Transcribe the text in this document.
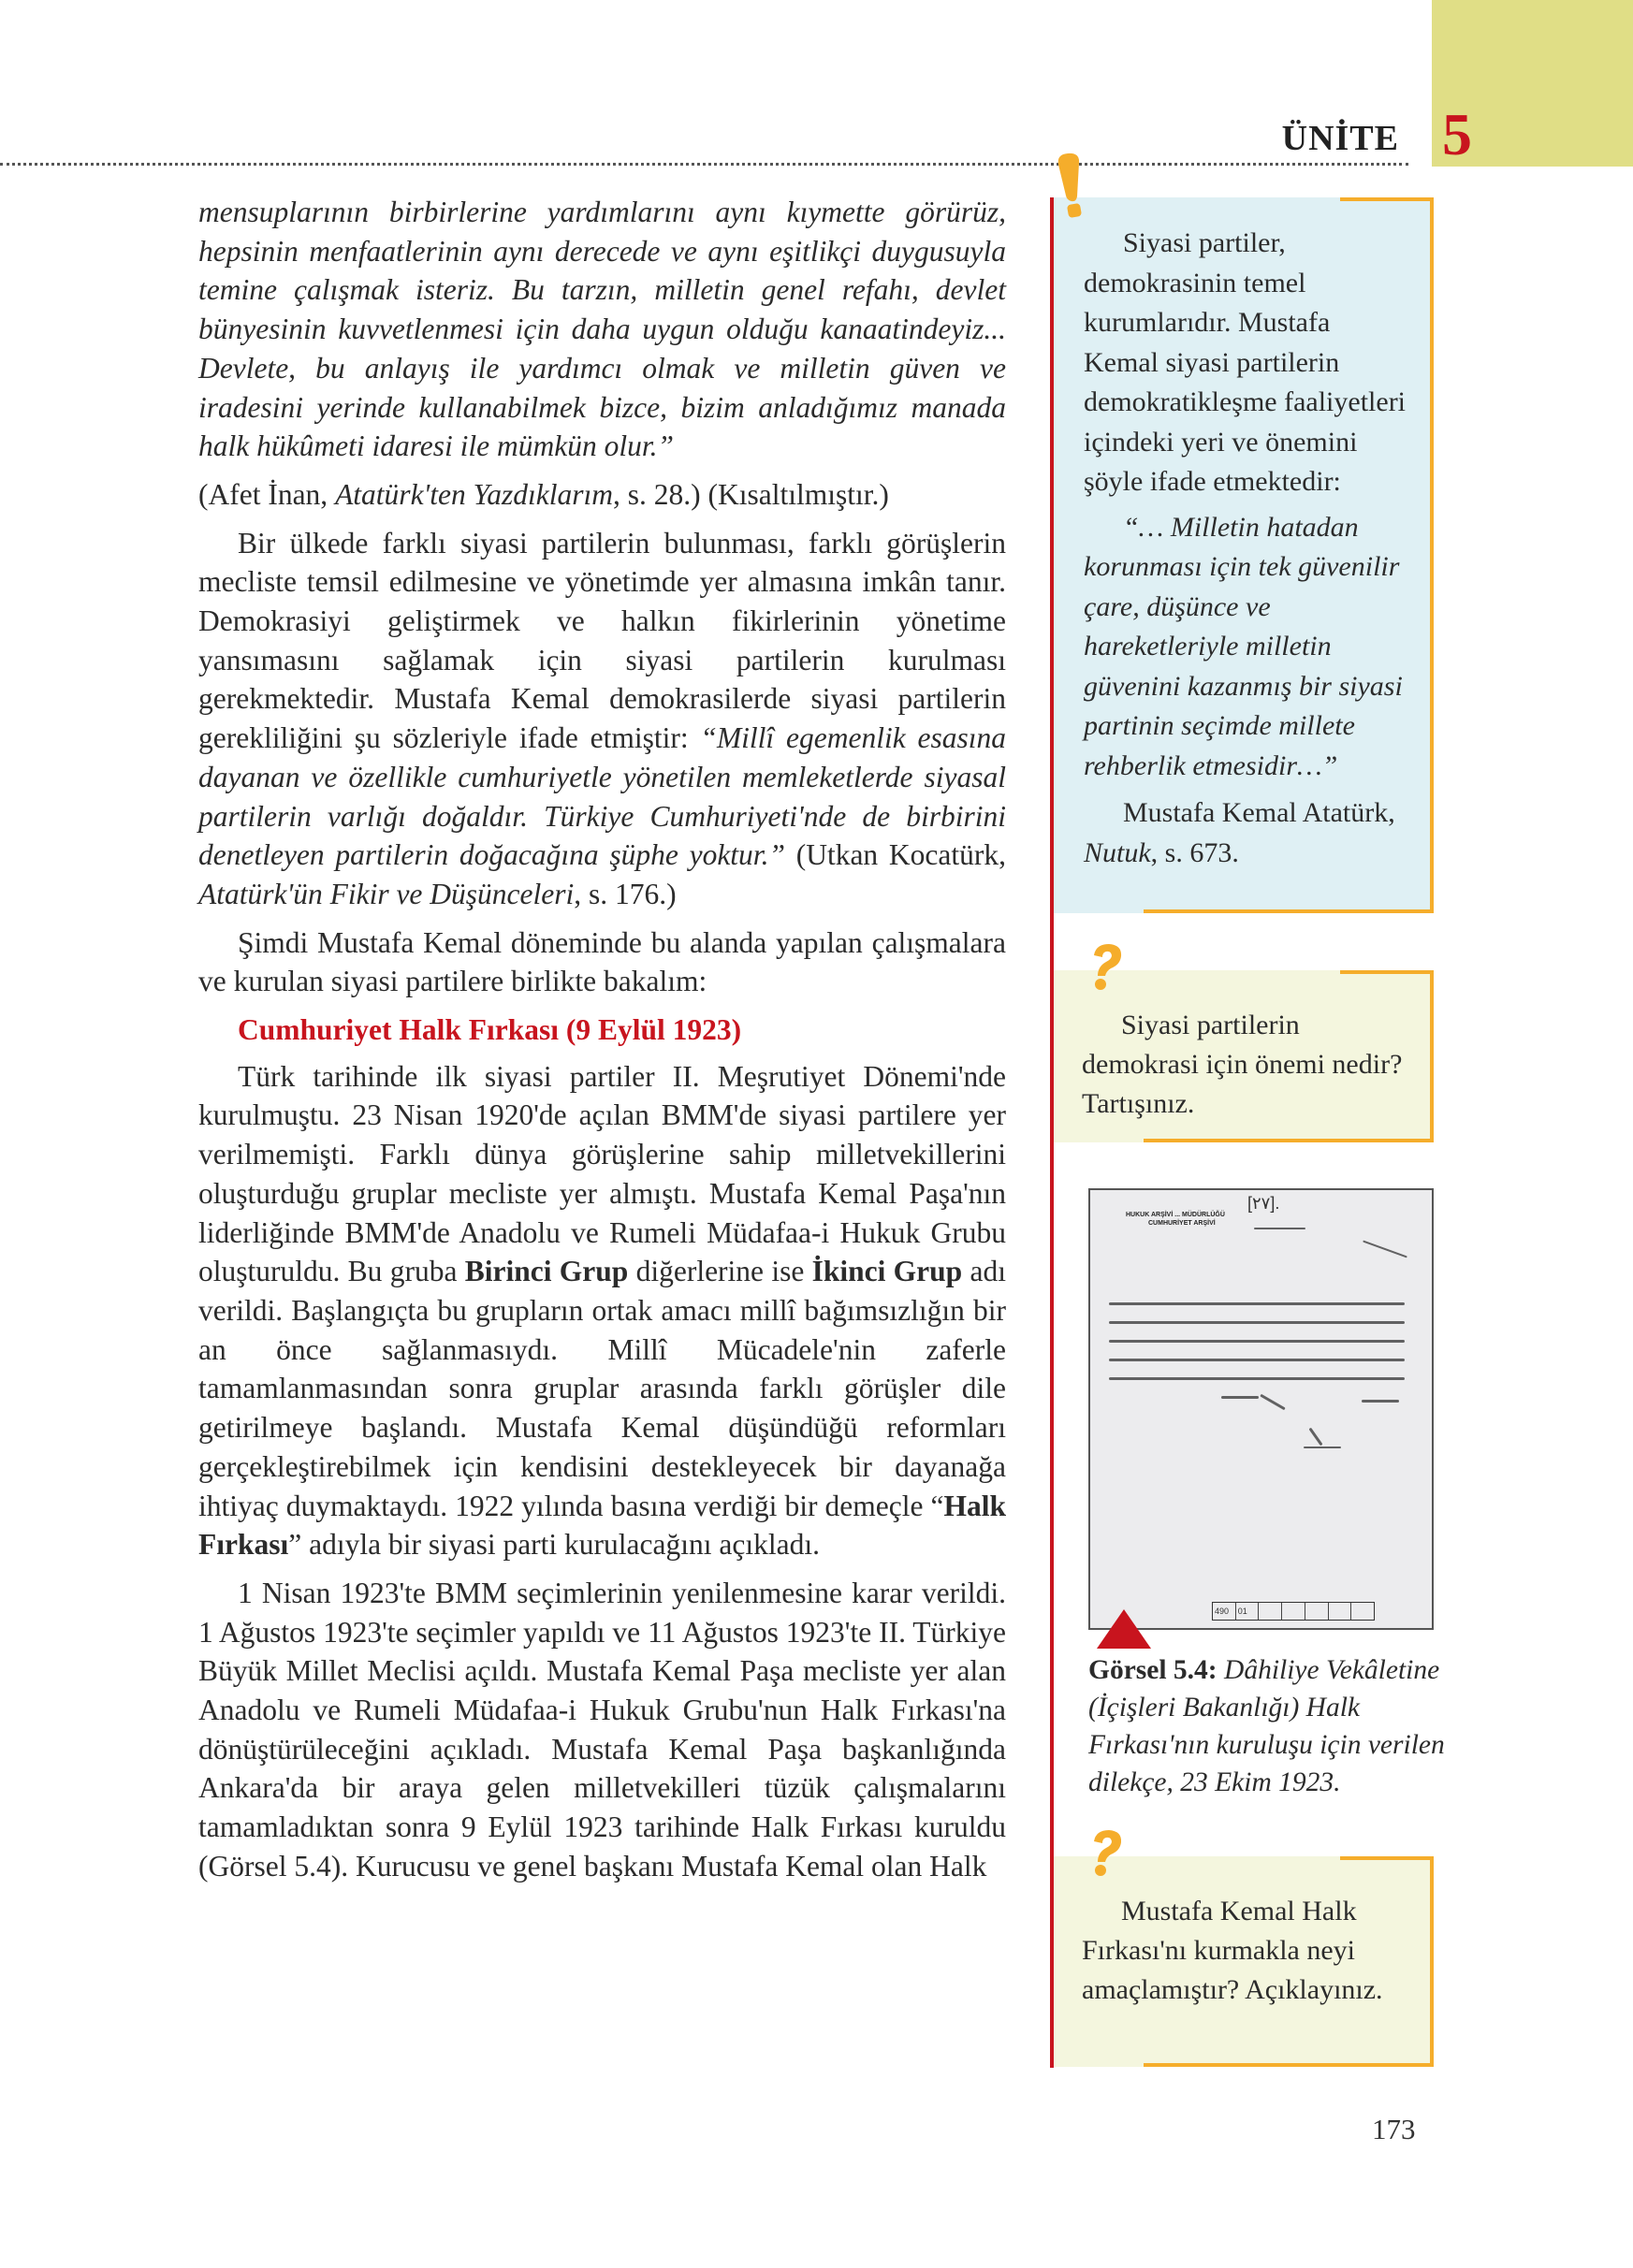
ÜNİTE 5

mensuplarının birbirlerine yardımlarını aynı kıymette görürüz, hepsinin menfaatlerinin aynı derecede ve aynı eşitlikçi duygusuyla temine çalışmak isteriz. Bu tarzın, milletin genel refahı, devlet bünyesinin kuvvetlenmesi için daha uygun olduğu kanaatindeyiz... Devlete, bu anlayış ile yardımcı olmak ve milletin güven ve iradesini yerinde kullanabilmek bizce, bizim anladığımız manada halk hükûmeti idaresi ile mümkün olur.”

(Afet İnan, Atatürk'ten Yazdıklarım, s. 28.) (Kısaltılmıştır.)

Bir ülkede farklı siyasi partilerin bulunması, farklı görüşlerin mecliste temsil edilmesine ve yönetimde yer almasına imkân tanır. Demokrasiyi geliştirmek ve halkın fikirlerinin yönetime yansımasını sağlamak için siyasi partilerin kurulması gerekmektedir. Mustafa Kemal demokrasilerde siyasi partilerin gerekliliğini şu sözleriyle ifade etmiştir: “Millî egemenlik esasına dayanan ve özellikle cumhuriyetle yönetilen memleketlerde siyasal partilerin varlığı doğaldır. Türkiye Cumhuriyeti'nde de birbirini denetleyen partilerin doğacağına şüphe yoktur.” (Utkan Kocatürk, Atatürk'ün Fikir ve Düşünceleri, s. 176.)

Şimdi Mustafa Kemal döneminde bu alanda yapılan çalışmalara ve kurulan siyasi partilere birlikte bakalım:

Cumhuriyet Halk Fırkası (9 Eylül 1923)

Türk tarihinde ilk siyasi partiler II. Meşrutiyet Dönemi'nde kurulmuştu. 23 Nisan 1920'de açılan BMM'de siyasi partilere yer verilmemişti. Farklı dünya görüşlerine sahip milletvekillerini oluşturduğu gruplar mecliste yer almıştı. Mustafa Kemal Paşa'nın liderliğinde BMM'de Anadolu ve Rumeli Müdafaa-i Hukuk Grubu oluşturuldu. Bu gruba Birinci Grup diğerlerine ise İkinci Grup adı verildi. Başlangıçta bu grupların ortak amacı millî bağımsızlığın bir an önce sağlanmasıydı. Millî Mücadele'nin zaferle tamamlanmasından sonra gruplar arasında farklı görüşler dile getirilmeye başlandı. Mustafa Kemal düşündüğü reformları gerçekleştirebilmek için kendisini destekleyecek bir dayanağa ihtiyaç duymaktaydı. 1922 yılında basına verdiği bir demeçle “Halk Fırkası” adıyla bir siyasi parti kurulacağını açıkladı.

1 Nisan 1923'te BMM seçimlerinin yenilenmesine karar verildi. 1 Ağustos 1923'te seçimler yapıldı ve 11 Ağustos 1923'te II. Türkiye Büyük Millet Meclisi açıldı. Mustafa Kemal Paşa mecliste yer alan Anadolu ve Rumeli Müdafaa-i Hukuk Grubu'nun Halk Fırkası'na dönüştürüleceğini açıkladı. Mustafa Kemal Paşa başkanlığında Ankara'da bir araya gelen milletvekilleri tüzük çalışmalarını tamamladıktan sonra 9 Eylül 1923 tarihinde Halk Fırkası kuruldu (Görsel 5.4). Kurucusu ve genel başkanı Mustafa Kemal olan Halk

Siyasi partiler, demokrasinin temel kurumlarıdır. Mustafa Kemal siyasi partilerin demokratikleşme faaliyetleri içindeki yeri ve önemini şöyle ifade etmektedir:

“… Milletin hatadan korunması için tek güvenilir çare, düşünce ve hareketleriyle milletin güvenini kazanmış bir siyasi partinin seçimde millete rehberlik etmesidir…”

Mustafa Kemal Atatürk, Nutuk, s. 673.

Siyasi partilerin demokrasi için önemi nedir? Tartışınız.
HUKUK ARŞİVİ ... MÜDÜRLÜĞÜ
CUMHURİYET ARŞİVİ
[٢٧].
490	01
Görsel 5.4: Dâhiliye Vekâletine (İçişleri Bakanlığı) Halk Fırkası'nın kuruluşu için verilen dilekçe, 23 Ekim 1923.
Mustafa Kemal Halk Fırkası'nı kurmakla neyi amaçlamıştır? Açıklayınız.
173
